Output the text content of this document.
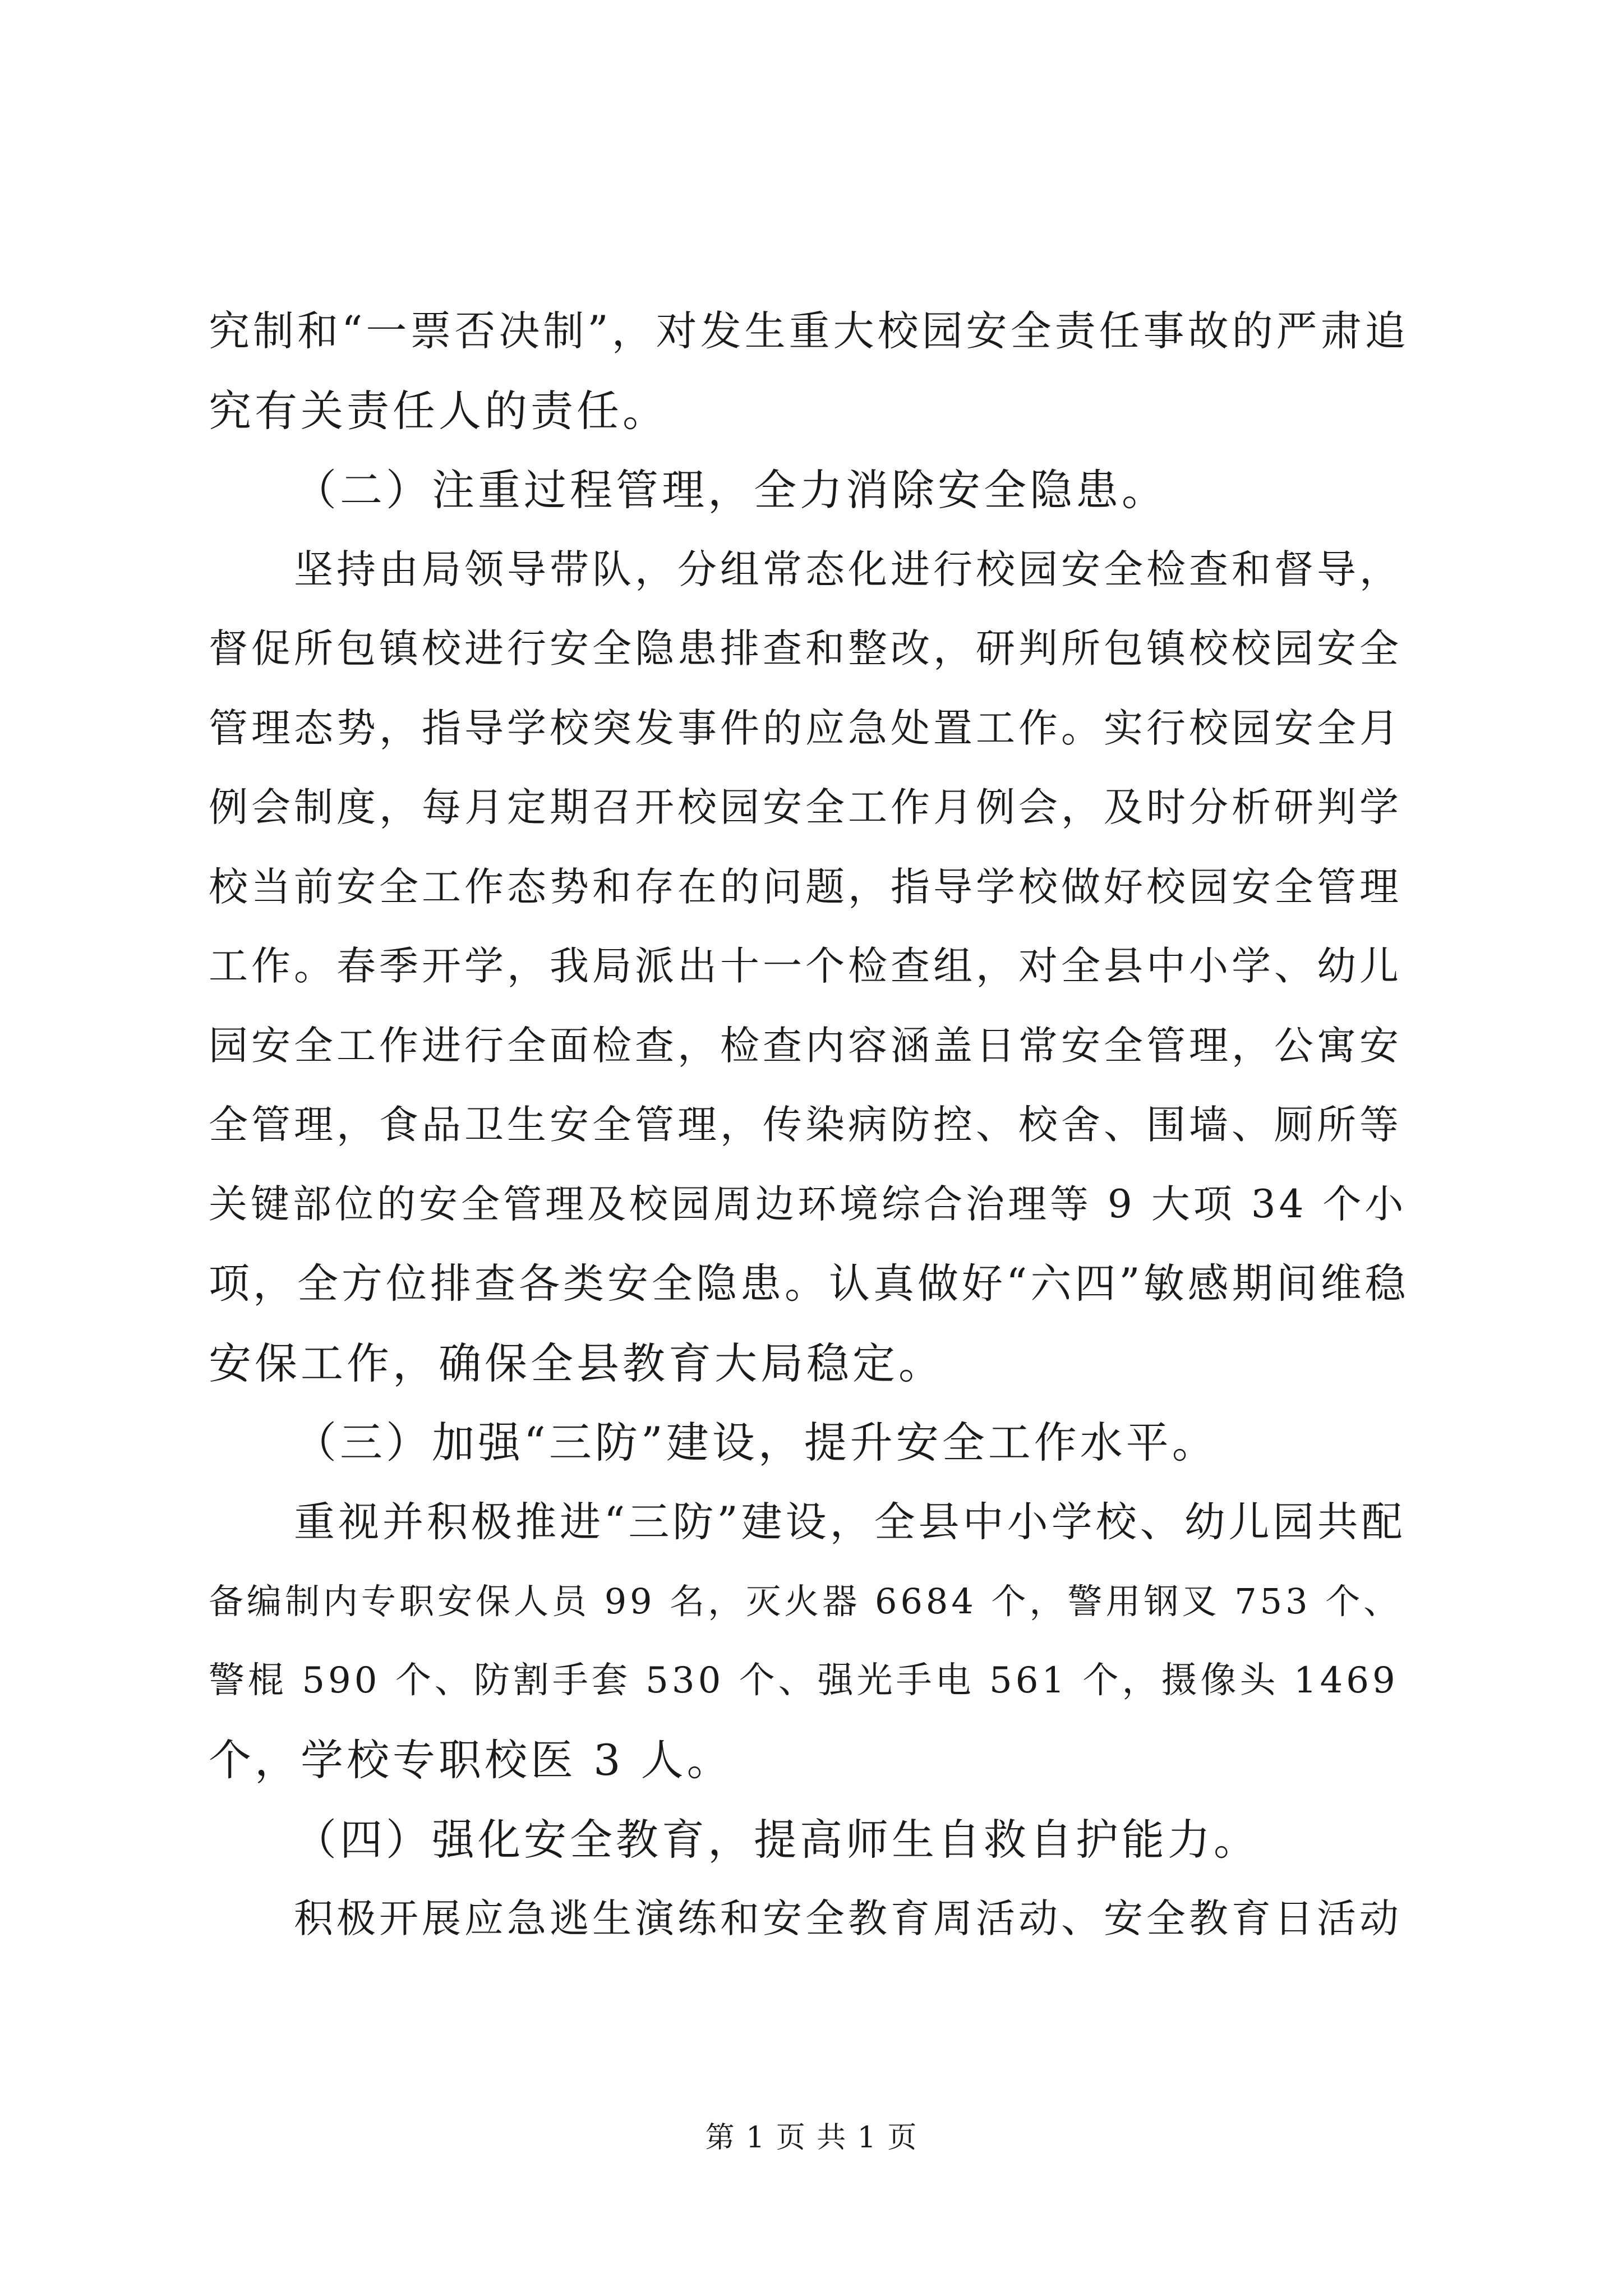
究制和“一票否决制”，对发生重大校园安全责任事故的严肃追
究有关责任人的责任。
（二）注重过程管理，全力消除安全隐患。
坚持由局领导带队，分组常态化进行校园安全检查和督导，
督促所包镇校进行安全隐患排查和整改，研判所包镇校校园安全
管理态势，指导学校突发事件的应急处置工作。实行校园安全月
例会制度，每月定期召开校园安全工作月例会，及时分析研判学
校当前安全工作态势和存在的问题，指导学校做好校园安全管理
工作。春季开学，我局派出十一个检查组，对全县中小学、幼儿
园安全工作进行全面检查，检查内容涵盖日常安全管理，公寓安
全管理，食品卫生安全管理，传染病防控、校舍、围墙、厕所等
关键部位的安全管理及校园周边环境综合治理等 9 大项 34 个小
项，全方位排查各类安全隐患。认真做好“六四”敏感期间维稳
安保工作，确保全县教育大局稳定。
（三）加强“三防”建设，提升安全工作水平。
重视并积极推进“三防”建设，全县中小学校、幼儿园共配
备编制内专职安保人员 99 名，灭火器 6684 个，警用钢叉 753 个、
警棍 590 个、防割手套 530 个、强光手电 561 个，摄像头 1469
个，学校专职校医 3 人。
（四）强化安全教育，提高师生自救自护能力。
积极开展应急逃生演练和安全教育周活动、安全教育日活动
第 1 页 共 1 页
